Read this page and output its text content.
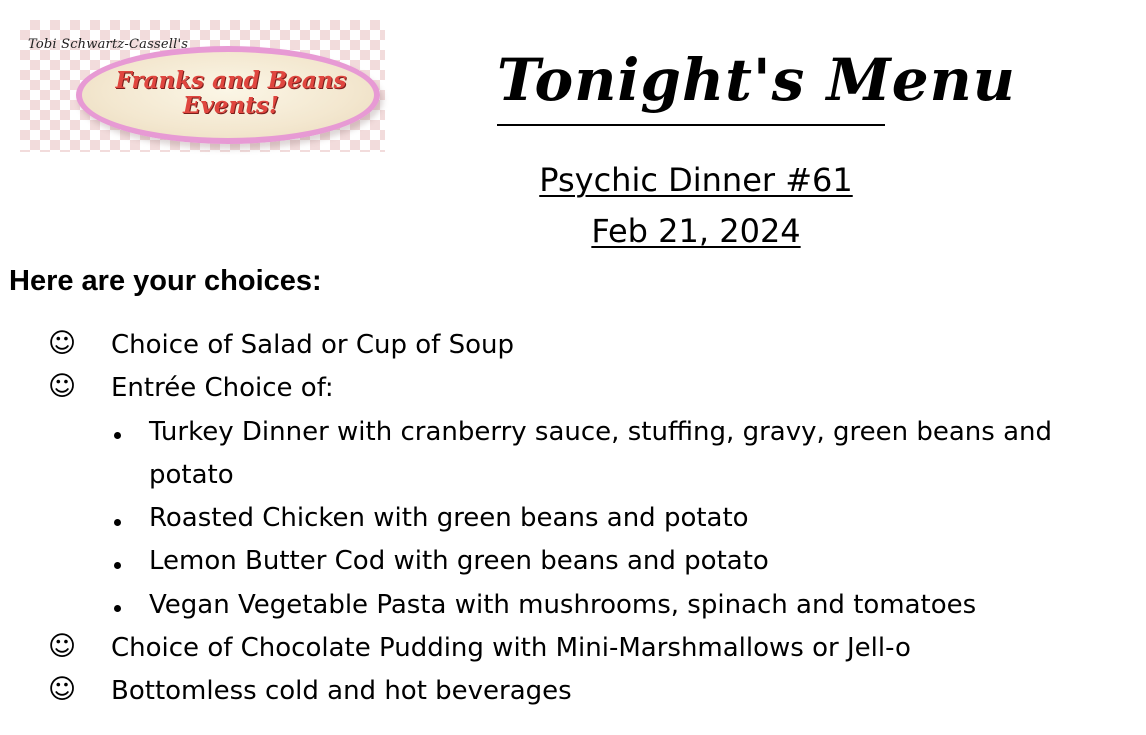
Tobi Schwartz-Cassell's
Franks and Beans
Events!	Tonight's Menu
Psychic Dinner #61
Feb 21, 2024
Here are your choices:
☺ Choice of Salad or Cup of Soup
☺ Entrée Choice of:
Turkey Dinner with cranberry sauce, stuffing, gravy, green beans and
potato
Roasted Chicken with green beans and potato
Lemon Butter Cod with green beans and potato
Vegan Vegetable Pasta with mushrooms, spinach and tomatoes
☺ Choice of Chocolate Pudding with Mini-Marshmallows or Jell-o
☺ Bottomless cold and hot beverages
